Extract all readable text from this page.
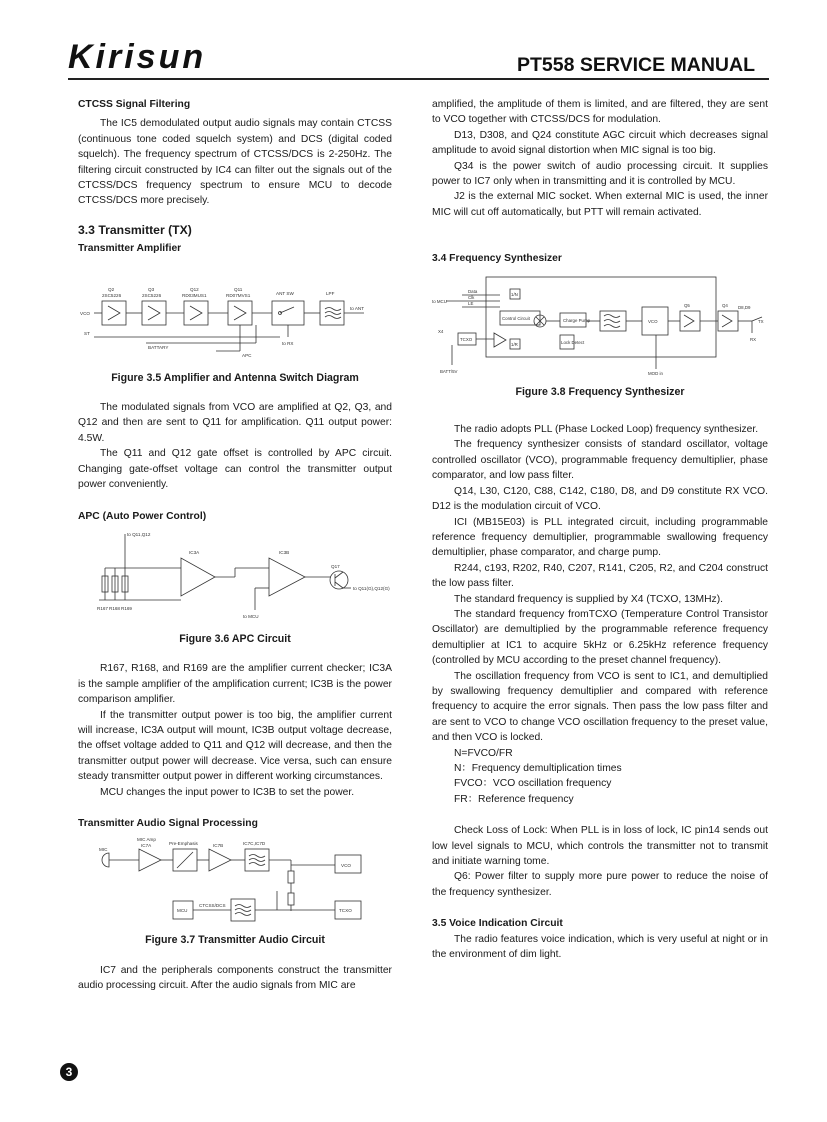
Kirisun	PT558 SERVICE MANUAL

CTCSS Signal Filtering

The IC5 demodulated output audio signals may contain CTCSS (continuous tone coded squelch system) and DCS (digital coded squelch). The frequency spectrum of CTCSS/DCS is 2-250Hz. The filtering circuit constructed by IC4 can filter out the signals out of the CTCSS/DCS frequency spectrum to ensure MCU to decode CTCSS/DCS more precisely.

3.3 Transmitter (TX)

Transmitter Amplifier

VCO
Q2
2SC5226
Q3
2SC5226
Q12
RD03MUS1
Q11
RD07MVS1	ANT SW	LPF
to ANT
ST
BATTARY
APC
to RX

Figure 3.5 Amplifier and Antenna Switch Diagram

The modulated signals from VCO are amplified at Q2, Q3, and Q12 and then are sent to Q11 for amplification. Q11 output power: 4.5W.

The Q11 and Q12 gate offset is controlled by APC circuit. Changing gate-offset voltage can control the transmitter output power conveniently.

APC (Auto Power Control)

to Q11,Q12
IC3A	IC3B
Q17
to Q11(G),Q12(G)
to MCU
R167 R168 R169

Figure 3.6 APC Circuit

R167, R168, and R169 are the amplifier current checker; IC3A is the sample amplifier of the amplification current; IC3B is the power comparison amplifier.

If the transmitter output power is too big, the amplifier current will increase, IC3A output will mount, IC3B output voltage decrease, the offset voltage added to Q11 and Q12 will decrease, and then the transmitter output power will decrease. Vice versa, such can ensure steady transmitter output power in different working circumstances.

MCU changes the input power to IC3B to set the power.

Transmitter Audio Signal Processing

MIC
MIC Amp
IC7A	Pre-Emphasis	IC7B	IC7C,IC7D
VCO
MCU
CTCSS/DCS
TCXO

Figure 3.7 Transmitter Audio Circuit

IC7 and the peripherals components construct the transmitter audio processing circuit. After the audio signals from MIC are

amplified, the amplitude of them is limited, and are filtered, they are sent to VCO together with CTCSS/DCS for modulation.

D13, D308, and Q24 constitute AGC circuit which decreases signal amplitude to avoid signal distortion when MIC signal is too big.

Q34 is the power switch of audio processing circuit. It supplies power to IC7 only when in transmitting and it is controlled by MCU.

J2 is the external MIC socket. When external MIC is used, the inner MIC will cut off automatically, but PTT will remain activated.

3.4 Frequency Synthesizer

to MCU
Data
Clk
LE
Control Circuit	Charge Pump	VCO
Q5	Q4 D8,D9
TX
RX
X4
TCXO
MOD in
BATT/5V
Lock Detect
1/N
1/R

Figure 3.8 Frequency Synthesizer

The radio adopts PLL (Phase Locked Loop) frequency synthesizer.

The frequency synthesizer consists of standard oscillator, voltage controlled oscillator (VCO), programmable frequency demultiplier, phase comparator, and low pass filter.

Q14, L30, C120, C88, C142, C180, D8, and D9 constitute RX VCO. D12 is the modulation circuit of VCO.

ICI (MB15E03) is PLL integrated circuit, including programmable reference frequency demultiplier, programmable swallowing frequency demultiplier, phase comparator, and charge pump.

R244, c193, R202, R40, C207, R141, C205, R2, and C204 construct the low pass filter.

The standard frequency is supplied by X4 (TCXO, 13MHz).

The standard frequency fromTCXO (Temperature Control Transistor Oscillator) are demultiplied by the programmable reference frequency demultiplier at IC1 to acquire 5kHz or 6.25kHz reference frequency (controlled by MCU according to the preset channel frequency).

The oscillation frequency from VCO is sent to IC1, and demultiplied by swallowing frequency demultiplier and compared with reference frequency to acquire the error signals. Then pass the low pass filter and are sent to VCO to change VCO oscillation frequency to the preset value, and then VCO is locked.

N=FVCO/FR

N：Frequency demultiplication times

FVCO：VCO oscillation frequency

FR：Reference frequency

Check Loss of Lock: When PLL is in loss of lock, IC pin14 sends out low level signals to MCU, which controls the transmitter not to transmit and initiate warning tome.

Q6: Power filter to supply more pure power to reduce the noise of the frequency synthesizer.

3.5 Voice Indication Circuit

The radio features voice indication, which is very useful at night or in the environment of dim light.

3
